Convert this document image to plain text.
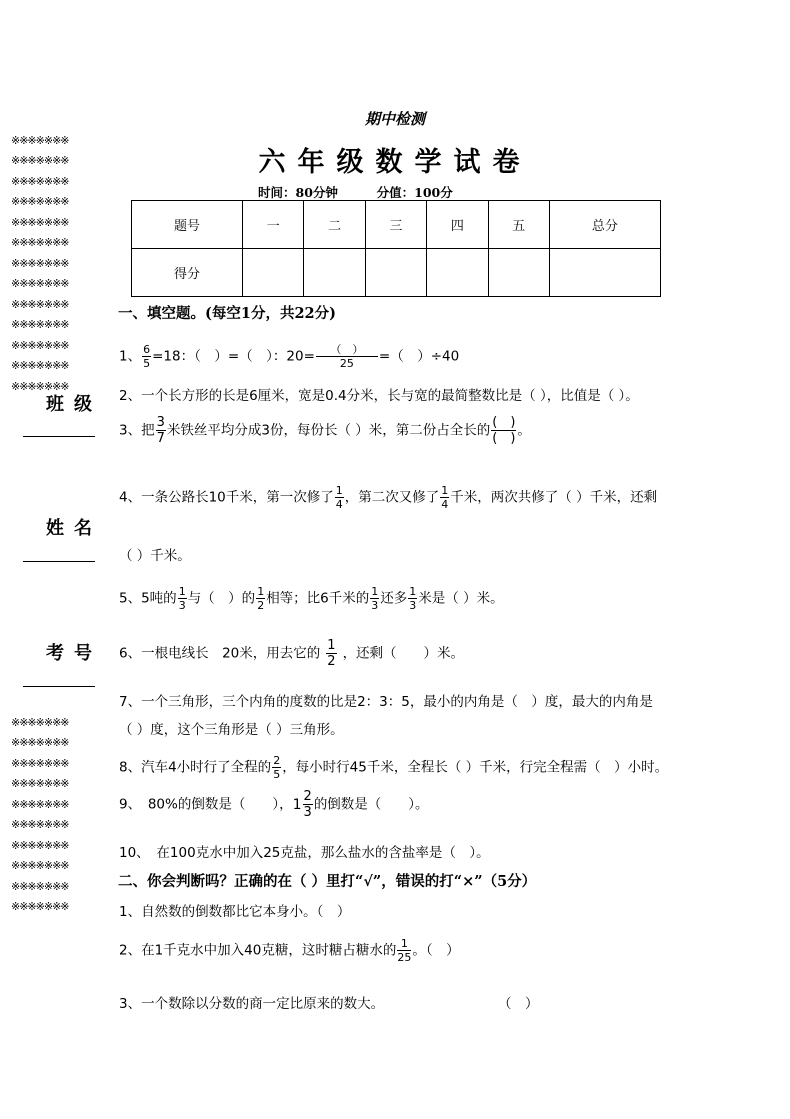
※※※※※※※
※※※※※※※
※※※※※※※
※※※※※※※
※※※※※※※
※※※※※※※
※※※※※※※
※※※※※※※
※※※※※※※
※※※※※※※
※※※※※※※
※※※※※※※
※※※※※※※

班级
姓名
考号

※※※※※※※
※※※※※※※
※※※※※※※
※※※※※※※
※※※※※※※
※※※※※※※
※※※※※※※
※※※※※※※
※※※※※※※
※※※※※※※

期中检测
六年级数学试卷
时间：80分钟	分值：100分
题号	一	二	三	四	五	总分
得分						
一、填空题。(每空1分，共22分)
1、 $\frac{6}{5} =18$：（　）=（　）：$20= \frac{( )}{25}$ =（　）÷40
2、一个长方形的长是6厘米，宽是0.4分米，长与宽的最简整数比是（ ），比值是（ ）。
3、把 $\frac{3}{7}$ 米铁丝平均分成3份，每份长（ ）米，第二份占全长的 $\frac{( )}{( )}$ 。
4、一条公路长10千米，第一次修了 $\frac{1}{4}$ ，第二次又修了 $\frac{1}{4}$ 千米，两次共修了（ ）千米，还剩
（ ）千米。
5、5吨的 $\frac{1}{3}$ 与（　）的 $\frac{1}{2}$ 相等；比6千米的 $\frac{1}{3}$ 还多 $\frac{1}{3}$ 米是（ ）米。
6、一根电线长　20米，用去它的 $\frac{1}{2}$ ，还剩（　　）米。
7、一个三角形，三个内角的度数的比是2：3：5，最小的内角是（　）度，最大的内角是
（ ）度，这个三角形是（ ）三角形。
8、汽车4小时行了全程的 $\frac{2}{5}$ ，每小时行45千米，全程长（ ）千米，行完全程需（　）小时。
9、　80%的倒数是（　　），$1 \frac{2}{3}$ 的倒数是（　　）。
10、　在100克水中加入25克盐，那么盐水的含盐率是（　）。
二、你会判断吗？正确的在（ ）里打“√”，错误的打“×”（5分）
1、自然数的倒数都比它本身小。（　）
2、在1千克水中加入40克糖，这时糖占糖水的 $\frac{1}{25}$ 。（　）
3、一个数除以分数的商一定比原来的数大。	（　）
